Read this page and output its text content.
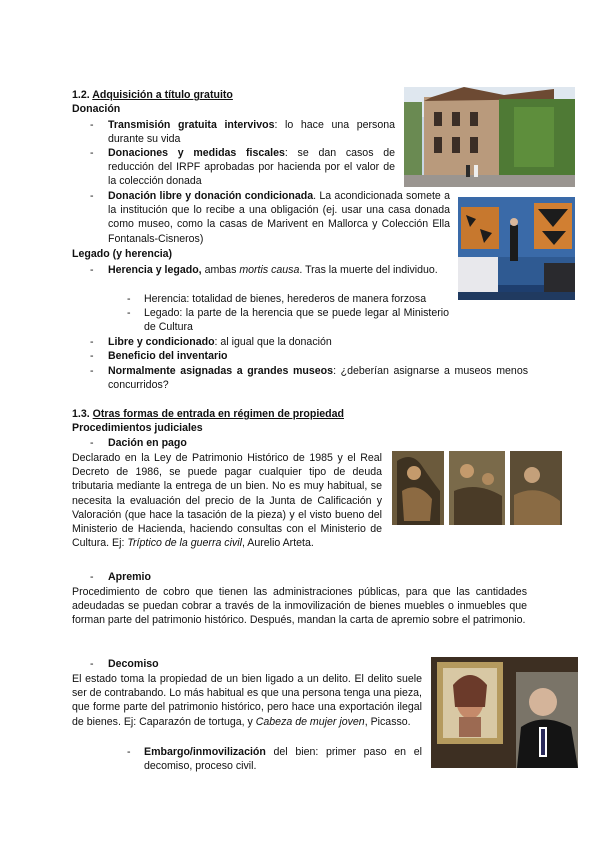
1.2. Adquisición a título gratuito
Donación
-	Transmisión gratuita intervivos: lo hace una persona durante su vida
-	Donaciones y medidas fiscales: se dan casos de reducción del IRPF aprobadas por hacienda por el valor de la colección donada
-	Donación libre y donación condicionada. La acondicionada somete a la institución que lo recibe a una obligación (ej. usar una casa donada como museo, como la casas de Marivent en Mallorca y Colección Ella Fontanals-Cisneros)
Legado (y herencia)
-	Herencia y legado, ambas mortis causa. Tras la muerte del individuo.
-	Herencia: totalidad de bienes, herederos de manera forzosa
-	Legado: la parte de la herencia que se puede legar al Ministerio de Cultura
-	Libre y condicionado: al igual que la donación
-	Beneficio del inventario
-	Normalmente asignadas a grandes museos: ¿deberían asignarse a museos menos concurridos?
1.3. Otras formas de entrada en régimen de propiedad
Procedimientos judiciales
-	Dación en pago
Declarado en la Ley de Patrimonio Histórico de 1985 y el Real Decreto de 1986, se puede pagar cualquier tipo de deuda tributaria mediante la entrega de un bien. No es muy habitual, se necesita la evaluación del precio de la Junta de Calificación y Valoración (que hace la tasación de la pieza) y el visto bueno del Ministerio de Hacienda, haciendo consultas con el Ministerio de Cultura. Ej: Tríptico de la guerra civil, Aurelio Arteta.
-	Apremio
Procedimiento de cobro que tienen las administraciones públicas, para que las cantidades adeudadas se puedan cobrar a través de la inmovilización de bienes muebles o inmuebles que forman parte del patrimonio histórico. Después, mandan la carta de apremio sobre el patrimonio.
-	Decomiso
El estado toma la propiedad de un bien ligado a un delito. El delito suele ser de contrabando. Lo más habitual es que una persona tenga una pieza, que forme parte del patrimonio histórico, pero hace una exportación ilegal de bienes. Ej: Caparazón de tortuga, y Cabeza de mujer joven, Picasso.
-	Embargo/inmovilización del bien: primer paso en el decomiso, proceso civil.
